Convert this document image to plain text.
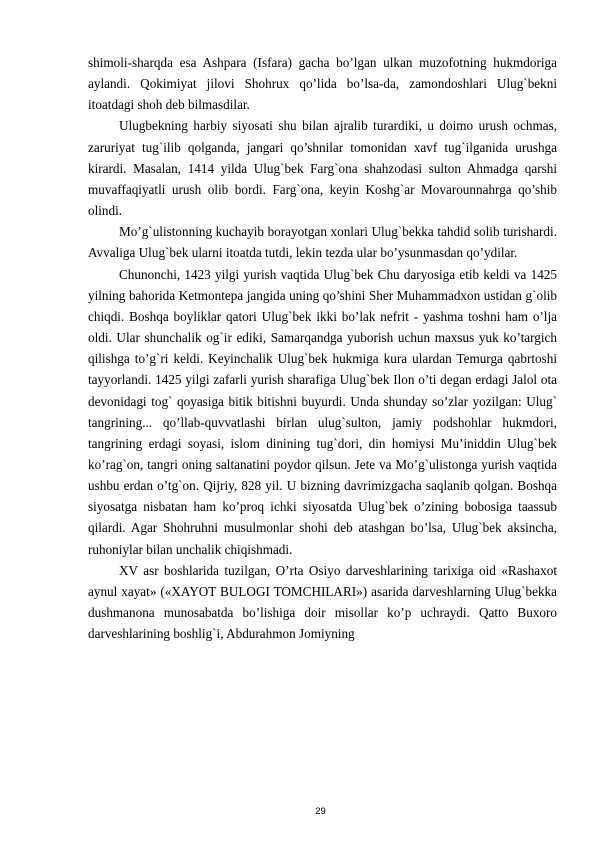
shimoli-sharqda esa Ashpara (Isfara) gacha bo’lgan ulkan muzofotning hukmdoriga aylandi. Qokimiyat jilovi Shohrux qo’lida bo’lsa-da, zamondoshlari Ulug`bekni itoatdagi shoh deb bilmasdilar.

Ulugbekning harbiy siyosati shu bilan ajralib turardiki, u doimo urush ochmas, zaruriyat tug`ilib qolganda, jangari qo’shnilar tomonidan xavf tug`ilganida urushga kirardi. Masalan, 1414 yilda Ulug`bek Farg`ona shahzodasi sulton Ahmadga qarshi muvaffaqiyatli urush olib bordi. Farg`ona, keyin Koshg`ar Movarounnahrga qo’shib olindi.

Mo’g`ulistonning kuchayib borayotgan xonlari Ulug`bekka tahdid solib turishardi. Avvaliga Ulug`bek ularni itoatda tutdi, lekin tezda ular bo’ysunmasdan qo’ydilar.

Chunonchi, 1423 yilgi yurish vaqtida Ulug`bek Chu daryosiga etib keldi va 1425 yilning bahorida Ketmontepa jangida uning qo’shini Sher Muhammadxon ustidan g`olib chiqdi. Boshqa boyliklar qatori Ulug`bek ikki bo’lak nefrit - yashma toshni ham o’lja oldi. Ular shunchalik og`ir ediki, Samarqandga yuborish uchun maxsus yuk ko’targich qilishga to’g`ri keldi. Keyinchalik Ulug`bek hukmiga kura ulardan Temurga qabrtoshi tayyorlandi. 1425 yilgi zafarli yurish sharafiga Ulug`bek Ilon o’ti degan erdagi Jalol ota devonidagi tog` qoyasiga bitik bitishni buyurdi. Unda shunday so’zlar yozilgan: Ulug` tangrining... qo’llab-quvvatlashi birlan ulug`sulton, jamiy podshohlar hukmdori, tangrining erdagi soyasi, islom dinining tug`dori, din homiysi Mu’iniddin Ulug`bek ko’rag`on, tangri oning saltanatini poydor qilsun. Jete va Mo’g`ulistonga yurish vaqtida ushbu erdan o’tg`on. Qijriy, 828 yil. U bizning davrimizgacha saqlanib qolgan. Boshqa siyosatga nisbatan ham ko’proq ichki siyosatda Ulug`bek o’zining bobosiga taassub qilardi. Agar Shohruhni musulmonlar shohi deb atashgan bo’lsa, Ulug`bek aksincha, ruhoniylar bilan unchalik chiqishmadi.

XV asr boshlarida tuzilgan, O’rta Osiyo darveshlarining tarixiga oid «Rashaxot aynul xayat» («XAYOT BULOGI TOMCHILARI») asarida darveshlarning Ulug`bekka dushmanona munosabatda bo’lishiga doir misollar ko’p uchraydi. Qatto Buxoro darveshlarining boshlig`i, Abdurahmon Jomiyning

29
